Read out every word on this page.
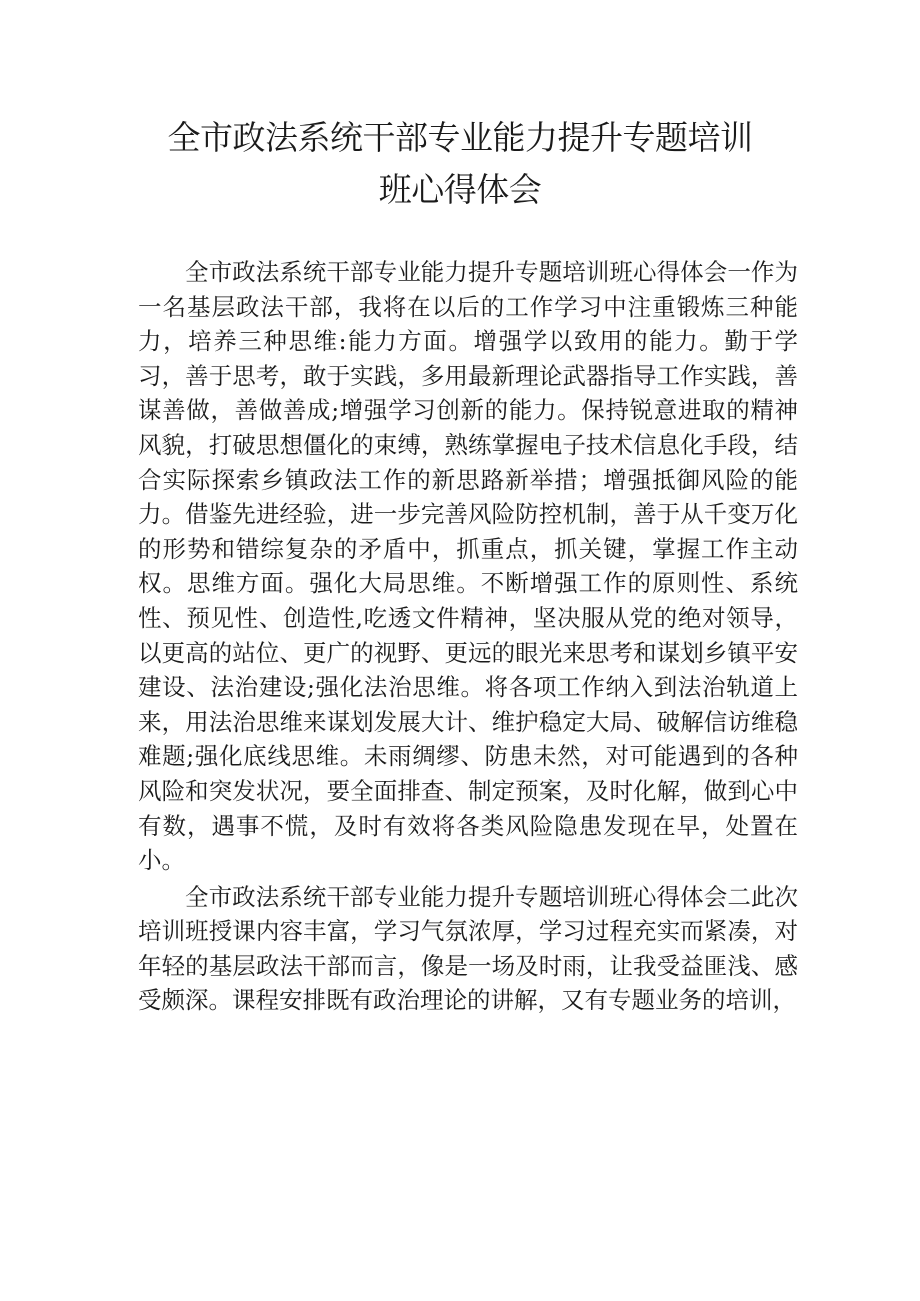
全市政法系统干部专业能力提升专题培训
班心得体会

全市政法系统干部专业能力提升专题培训班心得体会一作为一名基层政法干部，我将在以后的工作学习中注重锻炼三种能力，培养三种思维:能力方面。增强学以致用的能力。勤于学习，善于思考，敢于实践，多用最新理论武器指导工作实践，善谋善做，善做善成;增强学习创新的能力。保持锐意进取的精神风貌，打破思想僵化的束缚，熟练掌握电子技术信息化手段，结合实际探索乡镇政法工作的新思路新举措；增强抵御风险的能力。借鉴先进经验，进一步完善风险防控机制，善于从千变万化的形势和错综复杂的矛盾中，抓重点，抓关键，掌握工作主动权。思维方面。强化大局思维。不断增强工作的原则性、系统性、预见性、创造性,吃透文件精神，坚决服从党的绝对领导，以更高的站位、更广的视野、更远的眼光来思考和谋划乡镇平安建设、法治建设;强化法治思维。将各项工作纳入到法治轨道上来，用法治思维来谋划发展大计、维护稳定大局、破解信访维稳难题;强化底线思维。未雨绸缪、防患未然，对可能遇到的各种风险和突发状况，要全面排查、制定预案，及时化解，做到心中有数，遇事不慌，及时有效将各类风险隐患发现在早，处置在小。

全市政法系统干部专业能力提升专题培训班心得体会二此次培训班授课内容丰富，学习气氛浓厚，学习过程充实而紧凑，对年轻的基层政法干部而言，像是一场及时雨，让我受益匪浅、感受颇深。课程安排既有政治理论的讲解，又有专题业务的培训，
